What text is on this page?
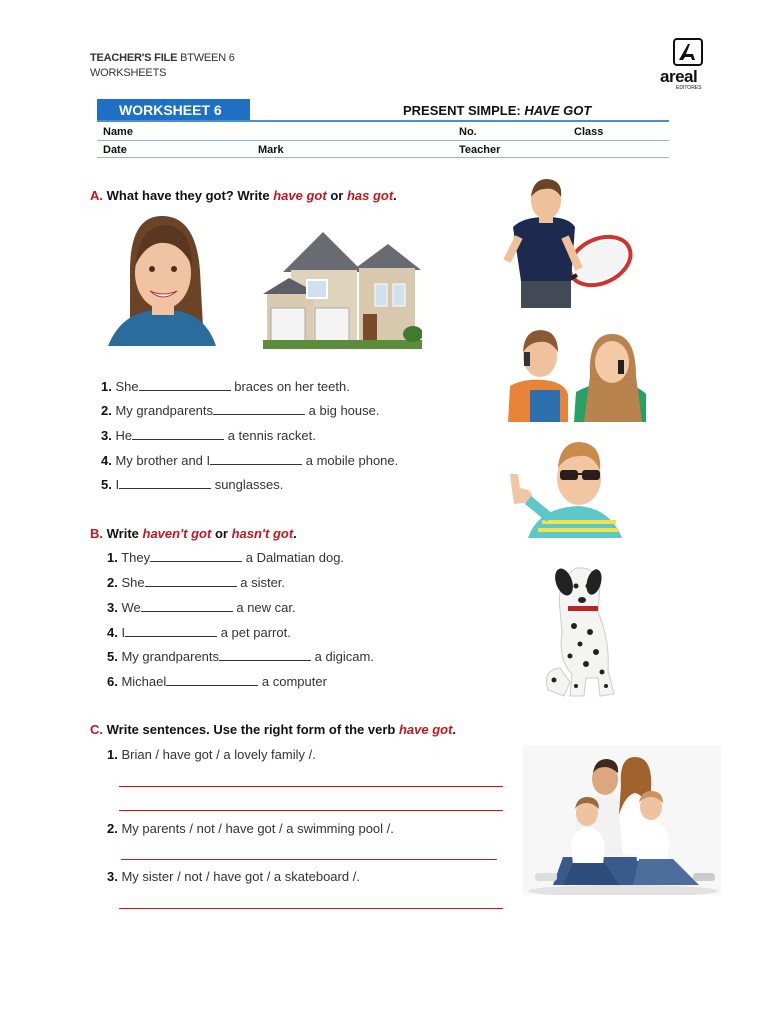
TEACHER'S FILE BTWEEN 6
WORKSHEETS	areal
EDITORES
WORKSHEET 6	PRESENT SIMPLE: HAVE GOT
Name	No.	Class
Date	Mark	Teacher
A. What have they got? Write have got or has got.
1. She	braces on her teeth.
2. My grandparents	a big house.
3. He	a tennis racket.
4. My brother and I	a mobile phone.
5. I	sunglasses.
B. Write haven't got or hasn't got.
1. They	a Dalmatian dog.
2. She	a sister.
3. We	a new car.
4. I	a pet parrot.
5. My grandparents	a digicam.
6. Michael	a computer
C. Write sentences. Use the right form of the verb have got.
1. Brian / have got / a lovely family /.
2. My parents / not / have got / a swimming pool /.
3. My sister / not / have got / a skateboard /.
